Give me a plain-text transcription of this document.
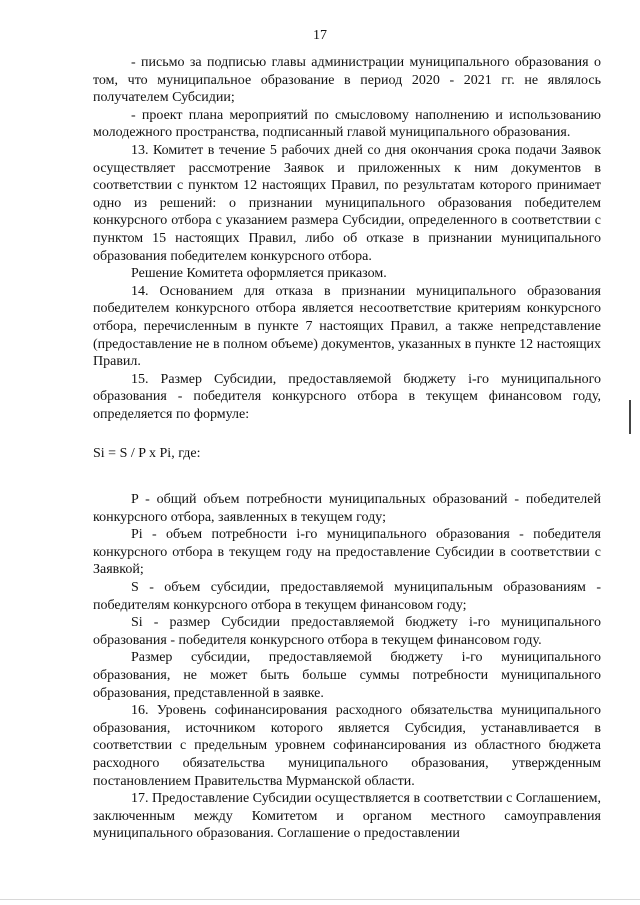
17

- письмо за подписью главы администрации муниципального образования о том, что муниципальное образование в период 2020 - 2021 гг. не являлось получателем Субсидии;

- проект плана мероприятий по смысловому наполнению и использованию молодежного пространства, подписанный главой муниципального образования.

13. Комитет в течение 5 рабочих дней со дня окончания срока подачи Заявок осуществляет рассмотрение Заявок и приложенных к ним документов в соответствии с пунктом 12 настоящих Правил, по результатам которого принимает одно из решений: о признании муниципального образования победителем конкурсного отбора с указанием размера Субсидии, определенного в соответствии с пунктом 15 настоящих Правил, либо об отказе в признании муниципального образования победителем конкурсного отбора.

Решение Комитета оформляется приказом.

14. Основанием для отказа в признании муниципального образования победителем конкурсного отбора является несоответствие критериям конкурсного отбора, перечисленным в пункте 7 настоящих Правил, а также непредставление (предоставление не в полном объеме) документов, указанных в пункте 12 настоящих Правил.

15. Размер Субсидии, предоставляемой бюджету i-го муниципального образования - победителя конкурсного отбора в текущем финансовом году, определяется по формуле:

Si = S / P x Pi, где:

P - общий объем потребности муниципальных образований - победителей конкурсного отбора, заявленных в текущем году;

Pi - объем потребности i-го муниципального образования - победителя конкурсного отбора в текущем году на предоставление Субсидии в соответствии с Заявкой;

S - объем субсидии, предоставляемой муниципальным образованиям - победителям конкурсного отбора в текущем финансовом году;

Si - размер Субсидии предоставляемой бюджету i-го муниципального образования - победителя конкурсного отбора в текущем финансовом году.

Размер субсидии, предоставляемой бюджету i-го муниципального образования, не может быть больше суммы потребности муниципального образования, представленной в заявке.

16. Уровень софинансирования расходного обязательства муниципального образования, источником которого является Субсидия, устанавливается в соответствии с предельным уровнем софинансирования из областного бюджета расходного обязательства муниципального образования, утвержденным постановлением Правительства Мурманской области.

17. Предоставление Субсидии осуществляется в соответствии с Соглашением, заключенным между Комитетом и органом местного самоуправления муниципального образования. Соглашение о предоставлении
